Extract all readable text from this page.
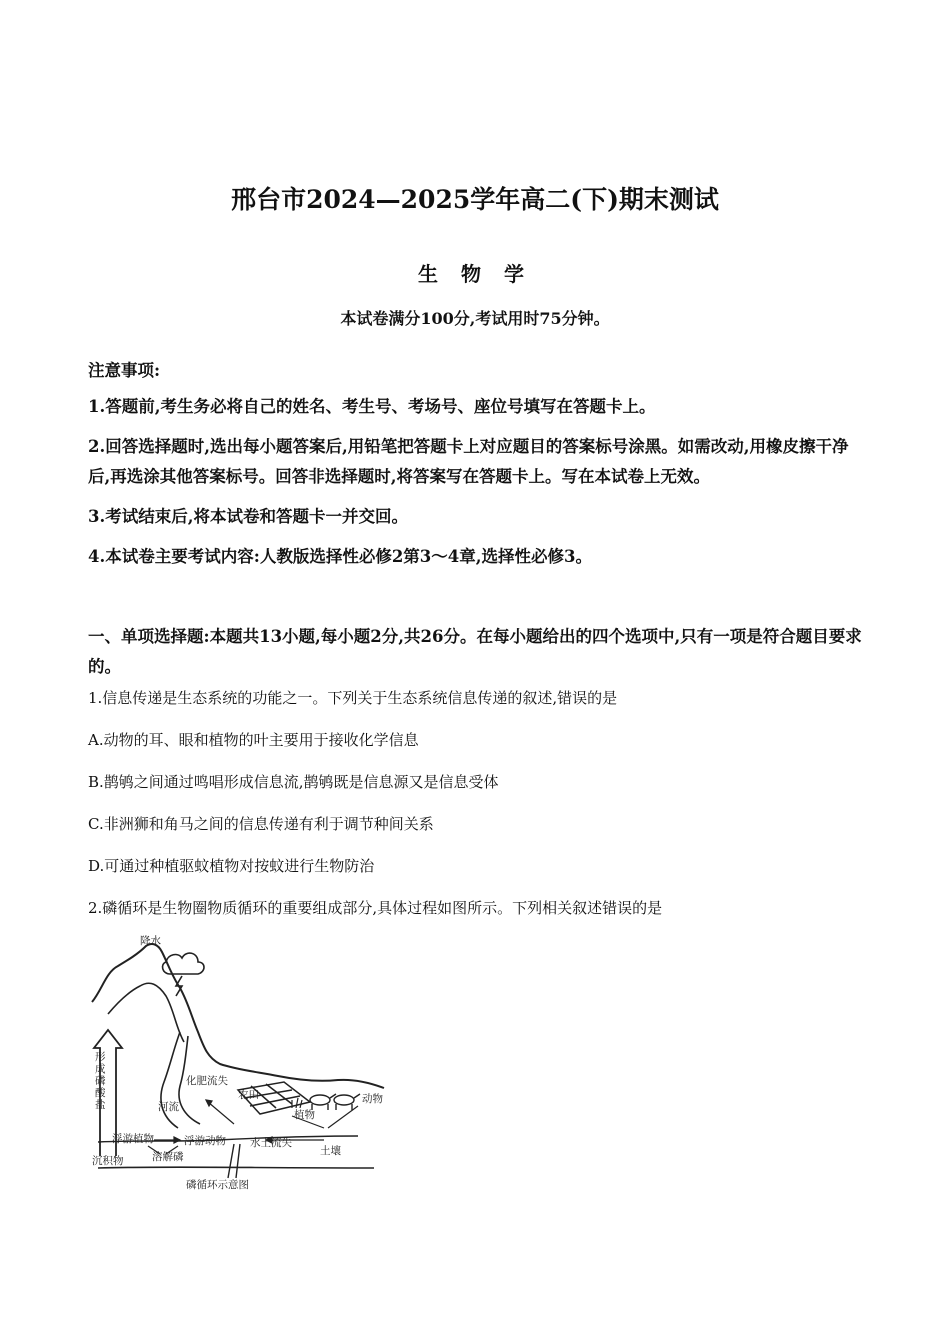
邢台市2024—2025学年高二(下)期末测试
生 物 学
本试卷满分100分,考试用时75分钟。
注意事项:
1.答题前,考生务必将自己的姓名、考生号、考场号、座位号填写在答题卡上。
2.回答选择题时,选出每小题答案后,用铅笔把答题卡上对应题目的答案标号涂黑。如需改动,用橡皮擦干净后,再选涂其他答案标号。回答非选择题时,将答案写在答题卡上。写在本试卷上无效。
3.考试结束后,将本试卷和答题卡一并交回。
4.本试卷主要考试内容:人教版选择性必修2第3～4章,选择性必修3。
一、单项选择题:本题共13小题,每小题2分,共26分。在每小题给出的四个选项中,只有一项是符合题目要求的。
1.信息传递是生态系统的功能之一。下列关于生态系统信息传递的叙述,错误的是
A.动物的耳、眼和植物的叶主要用于接收化学信息
B.鹊鸲之间通过鸣唱形成信息流,鹊鸲既是信息源又是信息受体
C.非洲狮和角马之间的信息传递有利于调节种间关系
D.可通过种植驱蚊植物对按蚊进行生物防治
2.磷循环是生物圈物质循环的重要组成部分,具体过程如图所示。下列相关叙述错误的是
降水
化肥流失
农田	动物
河流
植物
浮游植物	浮游动物 水土流失
土壤
沉积物	溶解磷
磷循环示意图
形成磷酸盐
